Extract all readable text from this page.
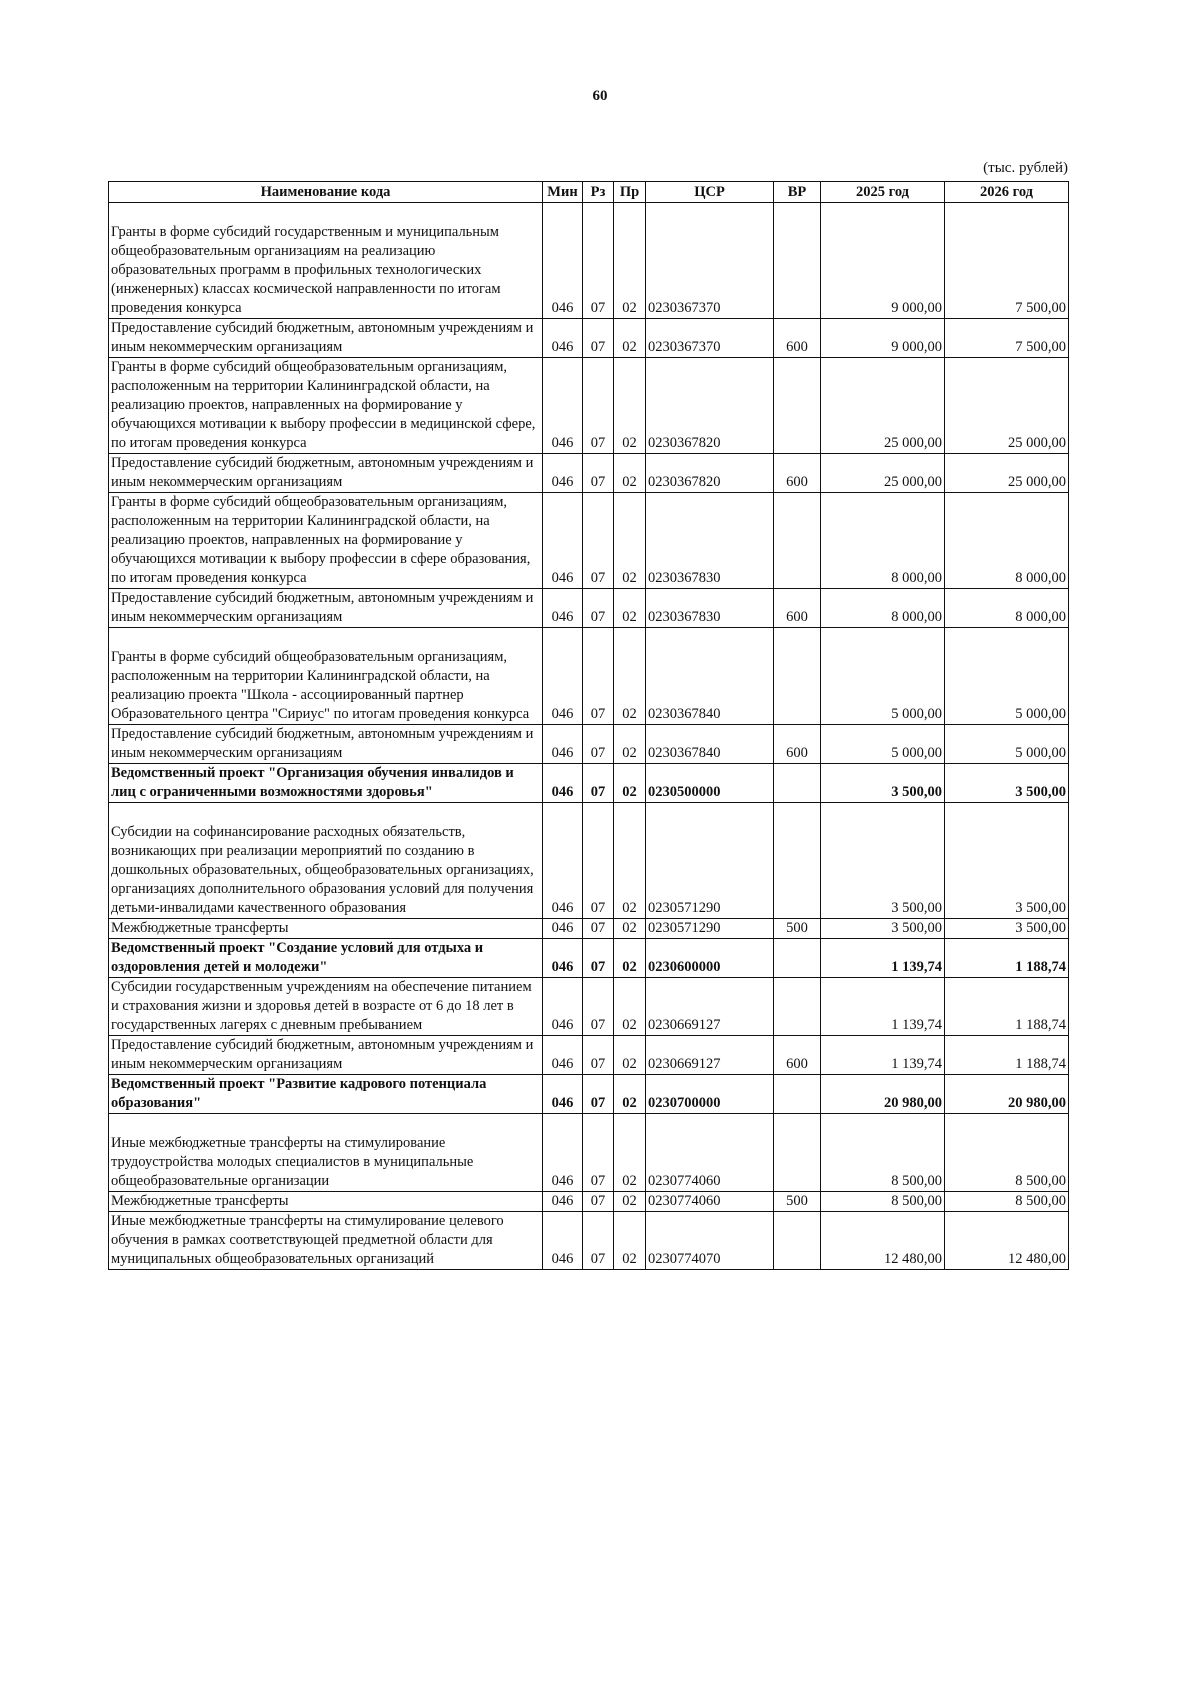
60
(тыс. рублей)
Наименование кода	Мин	Рз	Пр	ЦСР	ВР	2025 год	2026 год
Гранты в форме субсидий государственным и муниципальным общеобразовательным организациям на реализацию образовательных программ в профильных технологических (инженерных) классах космической направленности по итогам проведения конкурса	046	07	02	0230367370		9 000,00	7 500,00
Предоставление субсидий бюджетным, автономным учреждениям и иным некоммерческим организациям	046	07	02	0230367370	600	9 000,00	7 500,00
Гранты в форме субсидий общеобразовательным организациям, расположенным на территории Калининградской области, на реализацию проектов, направленных на формирование у обучающихся мотивации к выбору профессии в медицинской сфере, по итогам проведения конкурса	046	07	02	0230367820		25 000,00	25 000,00
Предоставление субсидий бюджетным, автономным учреждениям и иным некоммерческим организациям	046	07	02	0230367820	600	25 000,00	25 000,00
Гранты в форме субсидий общеобразовательным организациям, расположенным на территории Калининградской области, на реализацию проектов, направленных на формирование у обучающихся мотивации к выбору профессии в сфере образования, по итогам проведения конкурса	046	07	02	0230367830		8 000,00	8 000,00
Предоставление субсидий бюджетным, автономным учреждениям и иным некоммерческим организациям	046	07	02	0230367830	600	8 000,00	8 000,00
Гранты в форме субсидий общеобразовательным организациям, расположенным на территории Калининградской области, на реализацию проекта "Школа - ассоциированный партнер Образовательного центра "Сириус" по итогам проведения конкурса	046	07	02	0230367840		5 000,00	5 000,00
Предоставление субсидий бюджетным, автономным учреждениям и иным некоммерческим организациям	046	07	02	0230367840	600	5 000,00	5 000,00
Ведомственный проект "Организация обучения инвалидов и лиц с ограниченными возможностями здоровья"	046	07	02	0230500000		3 500,00	3 500,00
Субсидии на софинансирование расходных обязательств, возникающих при реализации мероприятий по созданию в дошкольных образовательных, общеобразовательных организациях, организациях дополнительного образования условий для получения детьми-инвалидами качественного образования	046	07	02	0230571290		3 500,00	3 500,00
Межбюджетные трансферты	046	07	02	0230571290	500	3 500,00	3 500,00
Ведомственный проект "Создание условий для отдыха и оздоровления детей и молодежи"	046	07	02	0230600000		1 139,74	1 188,74
Субсидии государственным учреждениям на обеспечение питанием и страхования жизни и здоровья детей в возрасте от 6 до 18 лет в государственных лагерях с дневным пребыванием	046	07	02	0230669127		1 139,74	1 188,74
Предоставление субсидий бюджетным, автономным учреждениям и иным некоммерческим организациям	046	07	02	0230669127	600	1 139,74	1 188,74
Ведомственный проект "Развитие кадрового потенциала образования"	046	07	02	0230700000		20 980,00	20 980,00
Иные межбюджетные трансферты на стимулирование трудоустройства молодых специалистов в муниципальные общеобразовательные организации	046	07	02	0230774060		8 500,00	8 500,00
Межбюджетные трансферты	046	07	02	0230774060	500	8 500,00	8 500,00
Иные межбюджетные трансферты на стимулирование целевого обучения в рамках соответствующей предметной области для муниципальных общеобразовательных организаций	046	07	02	0230774070		12 480,00	12 480,00
